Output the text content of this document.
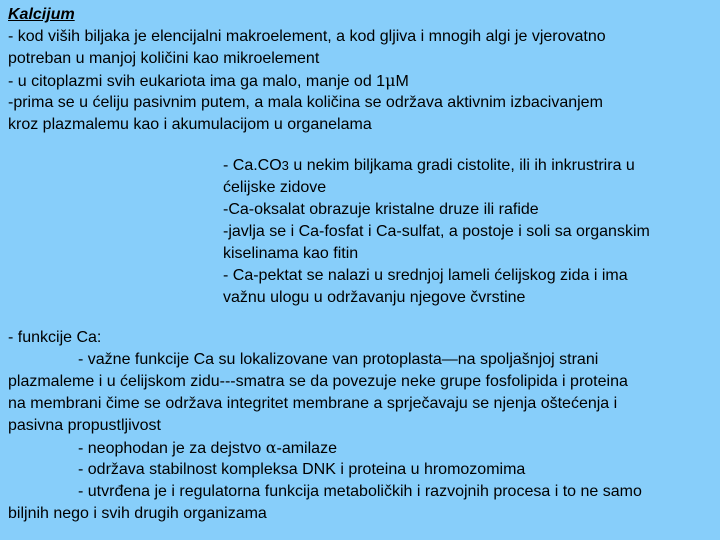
Kalcijum
- kod viših biljaka je elencijalni makroelement, a kod gljiva i mnogih algi je vjerovatno
potreban u manjoj količini kao mikroelement
- u citoplazmi svih eukariota ima ga malo, manje od 1μM
-prima se u ćeliju pasivnim putem, a mala količina se održava aktivnim izbacivanjem
kroz plazmalemu kao i akumulacijom u organelama
- Ca.CO3 u nekim biljkama gradi cistolite, ili ih inkrustrira u
ćelijske zidove
-Ca-oksalat obrazuje kristalne druze ili rafide
-javlja se i Ca-fosfat i Ca-sulfat, a postoje i soli sa organskim
kiselinama kao fitin
- Ca-pektat se nalazi u srednjoj lameli ćelijskog zida i ima
važnu ulogu u održavanju njegove čvrstine
- funkcije Ca:
- važne funkcije Ca su lokalizovane van protoplasta—na spoljašnjoj strani
plazmaleme i u ćelijskom zidu---smatra se da povezuje neke grupe fosfolipida i proteina
na membrani čime se održava integritet membrane a sprječavaju se njenja oštećenja i
pasivna propustljivost
- neophodan je za dejstvo α-amilaze
- održava stabilnost kompleksa DNK i proteina u hromozomima
- utvrđena je i regulatorna funkcija metaboličkih i razvojnih procesa i to ne samo
biljnih nego i svih drugih organizama
